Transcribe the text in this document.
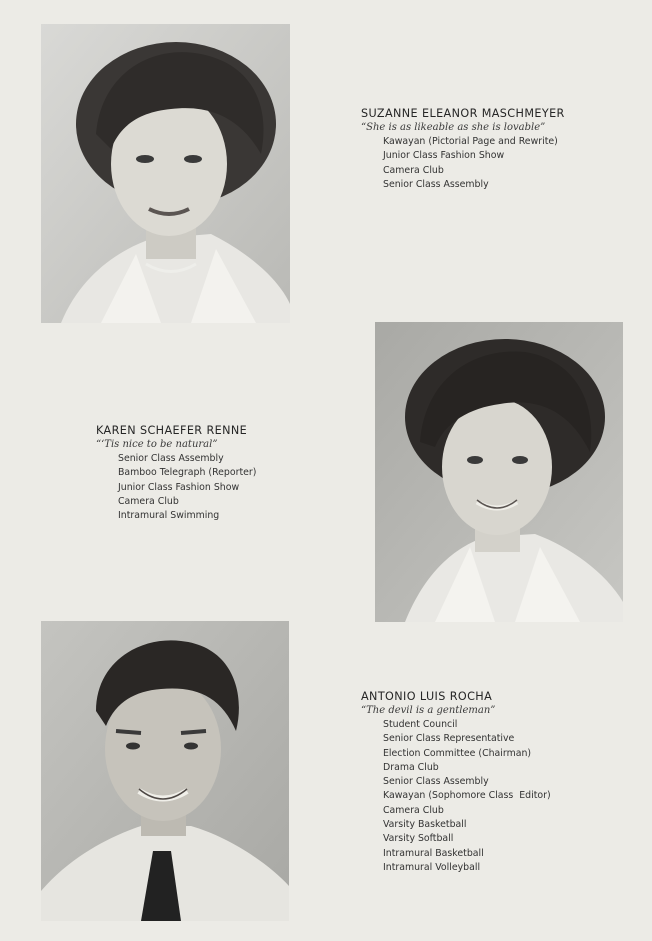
SUZANNE ELEANOR MASCHMEYER
“She is as likeable as she is lovable”
Kawayan (Pictorial Page and Rewrite)
Junior Class Fashion Show
Camera Club
Senior Class Assembly
KAREN SCHAEFER RENNE
“‘Tis nice to be natural”
Senior Class Assembly
Bamboo Telegraph (Reporter)
Junior Class Fashion Show
Camera Club
Intramural Swimming
ANTONIO LUIS ROCHA
“The devil is a gentleman”
Student Council
Senior Class Representative
Election Committee (Chairman)
Drama Club
Senior Class Assembly
Kawayan (Sophomore Class  Editor)
Camera Club
Varsity Basketball
Varsity Softball
Intramural Basketball
Intramural Volleyball
